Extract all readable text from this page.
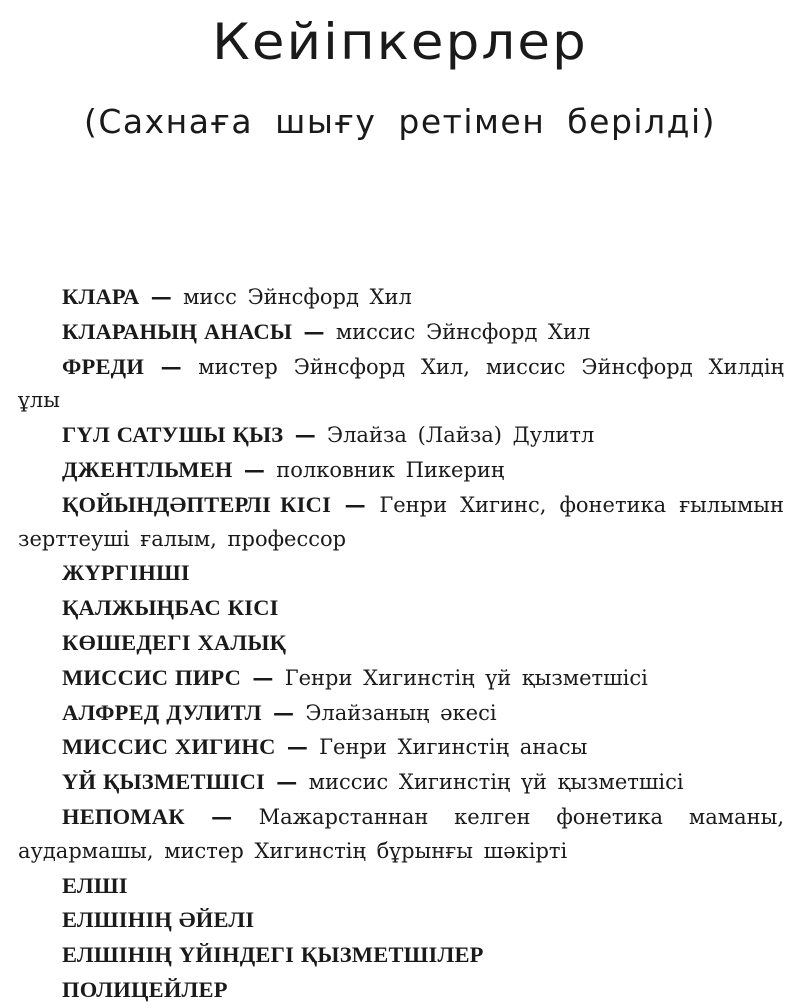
Кейіпкерлер
(Сахнаға шығу ретімен берілді)
КЛАРА — мисс Эйнсфорд Хил
КЛАРАНЫҢ АНАСЫ — миссис Эйнсфорд Хил
ФРЕДИ — мистер Эйнсфорд Хил, миссис Эйнсфорд Хилдің ұлы
ГҮЛ САТУШЫ ҚЫЗ — Элайза (Лайза) Дулитл
ДЖЕНТЛЬМЕН — полковник Пикериң
ҚОЙЫНДӘПТЕРЛІ КІСІ — Генри Хигинс, фонетика ғылымын зерттеуші ғалым, профессор
ЖҮРГІНШІ
ҚАЛЖЫҢБАС КІСІ
КӨШЕДЕГІ ХАЛЫҚ
МИССИС ПИРС — Генри Хигинстің үй қызметшісі
АЛФРЕД ДУЛИТЛ — Элайзаның әкесі
МИССИС ХИГИНС — Генри Хигинстің анасы
ҮЙ ҚЫЗМЕТШІСІ — миссис Хигинстің үй қызметшісі
НЕПОМАК — Мажарстаннан келген фонетика маманы, аудармашы, мистер Хигинстің бұрынғы шәкірті
ЕЛШІ
ЕЛШІНІҢ ӘЙЕЛІ
ЕЛШІНІҢ ҮЙІНДЕГІ ҚЫЗМЕТШІЛЕР
ПОЛИЦЕЙЛЕР
